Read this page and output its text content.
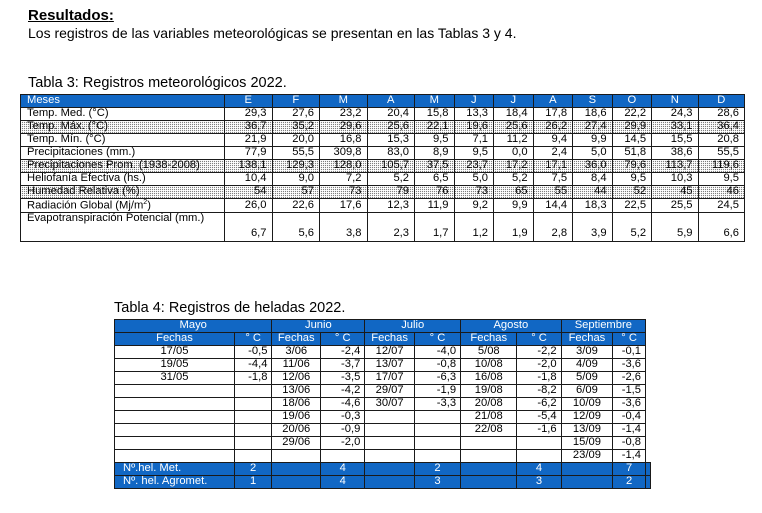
Resultados:
Los registros de las variables meteorológicas se presentan en las Tablas 3 y 4.
Tabla 3: Registros meteorológicos 2022.
Meses	E	F	M	A	M	J	J	A	S	O	N	D
Temp. Med. (°C)	29,3	27,6	23,2	20,4	15,8	13,3	18,4	17,8	18,6	22,2	24,3	28,6
Temp. Máx. (°C)	36,7	35,2	29,6	25,6	22,1	19,6	25,6	26,2	27,4	29,9	33,1	36,4
Temp. Mín. (°C)	21,9	20,0	16,8	15,3	9,5	7,1	11,2	9,4	9,9	14,5	15,5	20,8
Precipitaciones (mm.)	77,9	55,5	309,8	83,0	8,9	9,5	0,0	2,4	5,0	51,8	38,6	55,5
Precipitaciones Prom. (1938-2008)	138,1	129,3	128,0	105,7	37,5	23,7	17,2	17,1	36,0	79,6	113,7	119,6
Heliofanía Efectiva (hs.)	10,4	9,0	7,2	5,2	6,5	5,0	5,2	7,5	8,4	9,5	10,3	9,5
Humedad Relativa (%)	54	57	73	79	76	73	65	55	44	52	45	46
Radiación Global $(Mj/m^2)$	26,0	22,6	17,6	12,3	11,9	9,2	9,9	14,4	18,3	22,5	25,5	24,5
Evapotranspiración Potencial (mm.)	6,7	5,6	3,8	2,3	1,7	1,2	1,9	2,8	3,9	5,2	5,9	6,6
Tabla 4: Registros de heladas 2022.
Mayo		Junio		Julio		Agosto		Septiembre		
Fechas	° C	Fechas	° C	Fechas	° C	Fechas	° C	Fechas	° C	
17/05	-0,5	3/06	-2,4	12/07	-4,0	5/08	-2,2	3/09	-0,1	
19/05	-4,4	11/06	-3,7	13/07	-0,8	10/08	-2,0	4/09	-3,6	
31/05	-1,8	12/06	-3,5	17/07	-6,3	16/08	-1,8	5/09	-2,6	
		13/06	-4,2	29/07	-1,9	19/08	-8,2	6/09	-1,5	
		18/06	-4,6	30/07	-3,3	20/08	-6,2	10/09	-3,6	
		19/06	-0,3			21/08	-5,4	12/09	-0,4	
		20/06	-0,9			22/08	-1,6	13/09	-1,4	
		29/06	-2,0					15/09	-0,8	
								23/09	-1,4	
Nº.hel. Met.	2		4		2		4		7	
Nº. hel. Agromet.	1		4		3		3		2	
